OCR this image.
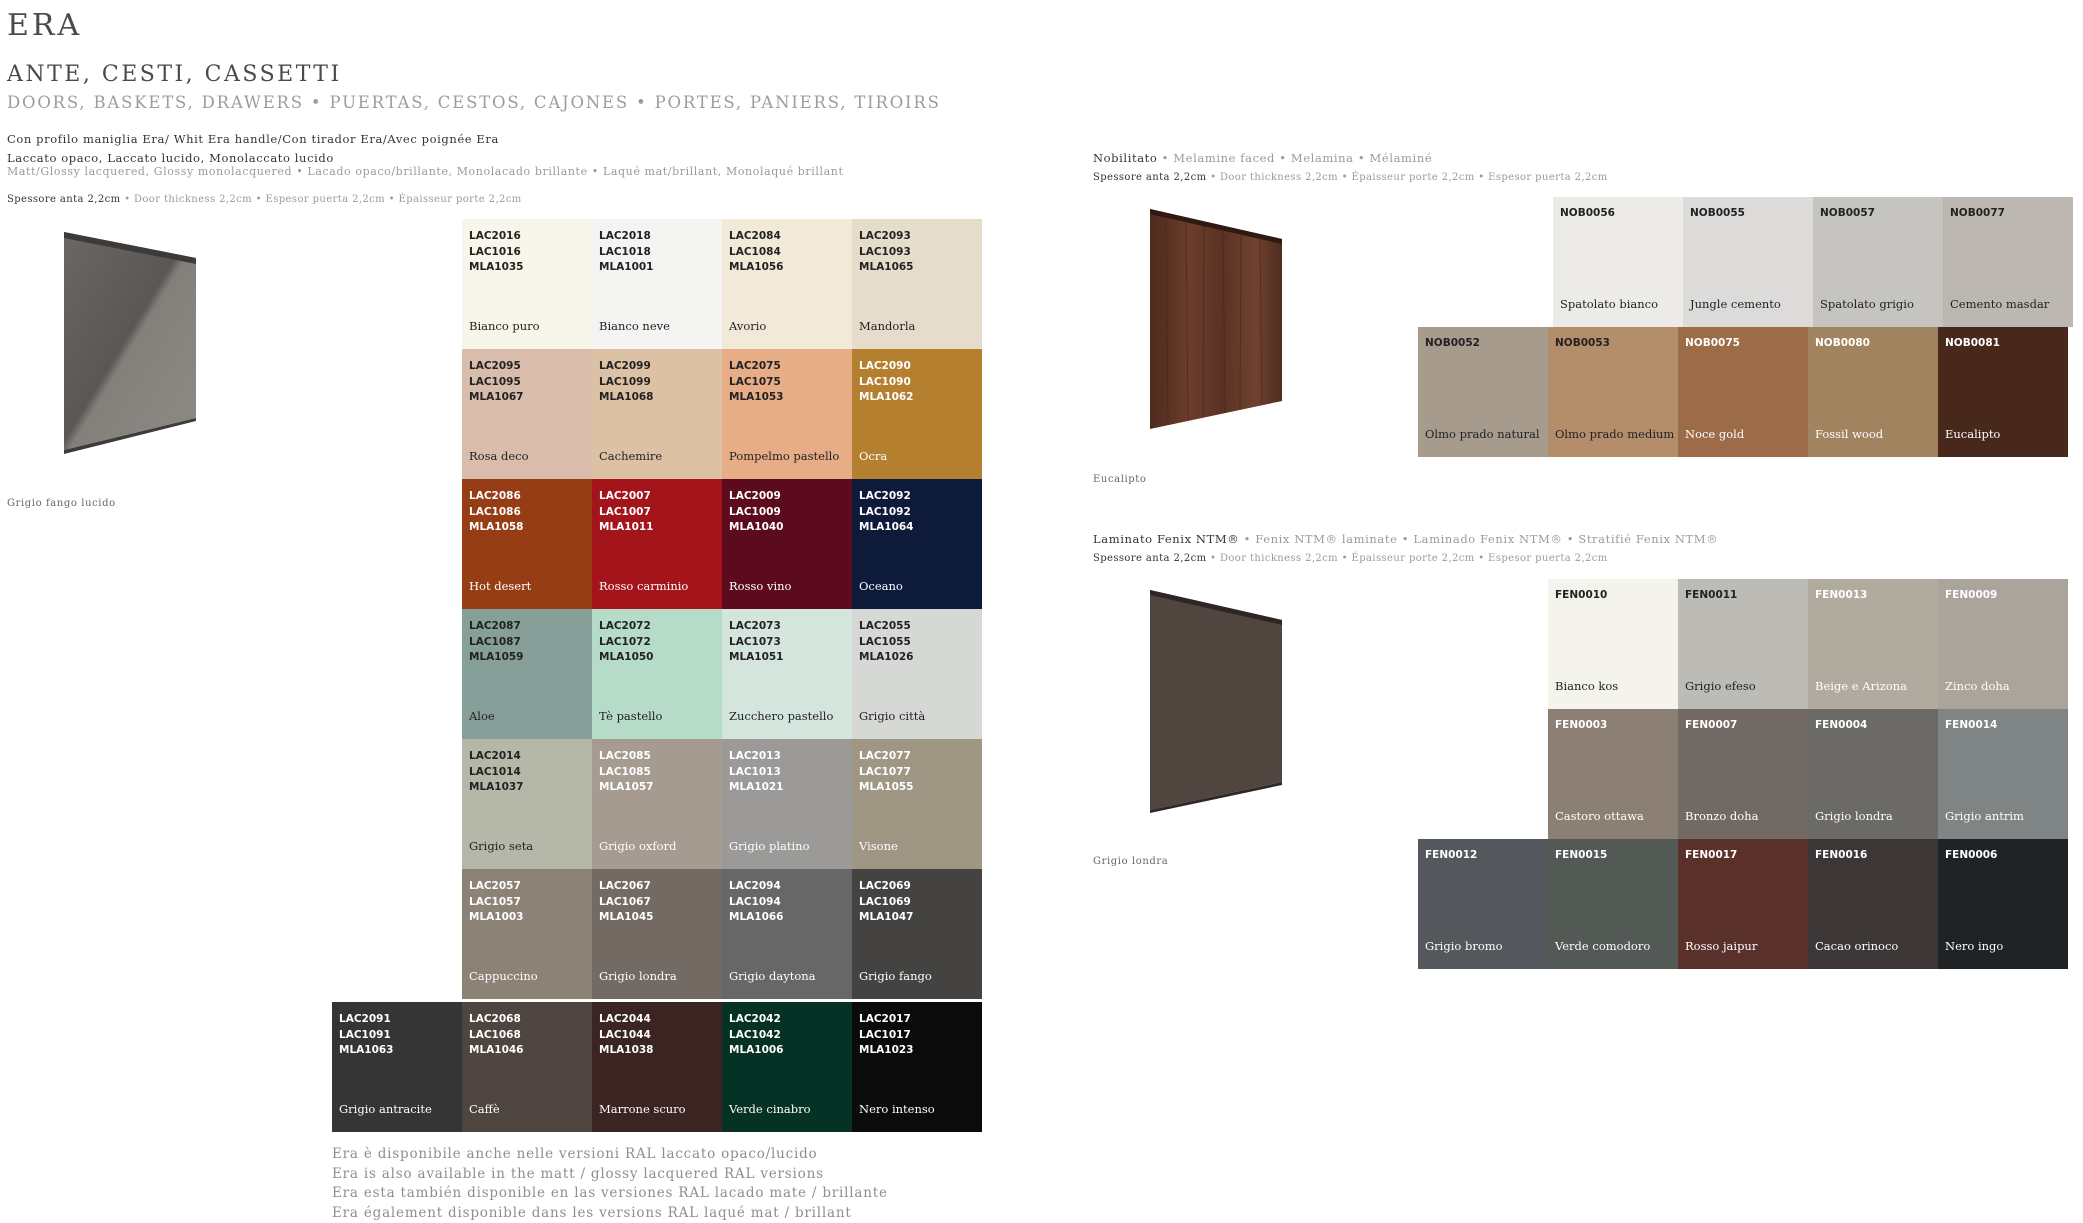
ERA
ANTE, CESTI, CASSETTI
DOORS, BASKETS, DRAWERS • PUERTAS, CESTOS, CAJONES • PORTES, PANIERS, TIROIRS
Con profilo maniglia Era/ Whit Era handle/Con tirador Era/Avec poignée Era
Laccato opaco, Laccato lucido, Monolaccato lucido
Matt/Glossy lacquered, Glossy monolacquered • Lacado opaco/brillante, Monolacado brillante • Laqué mat/brillant, Monolaqué brillant
Spessore anta 2,2cm • Door thickness 2,2cm • Espesor puerta 2,2cm • Épaisseur porte 2,2cm
Grigio fango lucido
LAC2016
LAC1016
MLA1035
Bianco puro
LAC2018
LAC1018
MLA1001
Bianco neve
LAC2084
LAC1084
MLA1056
Avorio
LAC2093
LAC1093
MLA1065
Mandorla
LAC2095
LAC1095
MLA1067
Rosa deco
LAC2099
LAC1099
MLA1068
Cachemire
LAC2075
LAC1075
MLA1053
Pompelmo pastello
LAC2090
LAC1090
MLA1062
Ocra
LAC2086
LAC1086
MLA1058
Hot desert
LAC2007
LAC1007
MLA1011
Rosso carminio
LAC2009
LAC1009
MLA1040
Rosso vino
LAC2092
LAC1092
MLA1064
Oceano
LAC2087
LAC1087
MLA1059
Aloe
LAC2072
LAC1072
MLA1050
Tè pastello
LAC2073
LAC1073
MLA1051
Zucchero pastello
LAC2055
LAC1055
MLA1026
Grigio città
LAC2014
LAC1014
MLA1037
Grigio seta
LAC2085
LAC1085
MLA1057
Grigio oxford
LAC2013
LAC1013
MLA1021
Grigio platino
LAC2077
LAC1077
MLA1055
Visone
LAC2057
LAC1057
MLA1003
Cappuccino
LAC2067
LAC1067
MLA1045
Grigio londra
LAC2094
LAC1094
MLA1066
Grigio daytona
LAC2069
LAC1069
MLA1047
Grigio fango
LAC2091
LAC1091
MLA1063
Grigio antracite
LAC2068
LAC1068
MLA1046
Caffè
LAC2044
LAC1044
MLA1038
Marrone scuro
LAC2042
LAC1042
MLA1006
Verde cinabro
LAC2017
LAC1017
MLA1023
Nero intenso
Era è disponibile anche nelle versioni RAL laccato opaco/lucido
Era is also available in the matt / glossy lacquered RAL versions
Era esta también disponible en las versiones RAL lacado mate / brillante
Era également disponible dans les versions RAL laqué mat / brillant
Nobilitato • Melamine faced • Melamina • Mélaminé
Spessore anta 2,2cm • Door thickness 2,2cm • Épaisseur porte 2,2cm • Espesor puerta 2,2cm
Eucalipto
NOB0056
Spatolato bianco
NOB0055
Jungle cemento
NOB0057
Spatolato grigio
NOB0077
Cemento masdar
NOB0052
Olmo prado natural
NOB0053
Olmo prado medium
NOB0075
Noce gold
NOB0080
Fossil wood
NOB0081
Eucalipto
Laminato Fenix NTM® • Fenix NTM® laminate • Laminado Fenix NTM® • Stratifié Fenix NTM®
Spessore anta 2,2cm • Door thickness 2,2cm • Épaisseur porte 2,2cm • Espesor puerta 2,2cm
Grigio londra
FEN0010
Bianco kos
FEN0011
Grigio efeso
FEN0013
Beige e Arizona
FEN0009
Zinco doha
FEN0003
Castoro ottawa
FEN0007
Bronzo doha
FEN0004
Grigio londra
FEN0014
Grigio antrim
FEN0012
Grigio bromo
FEN0015
Verde comodoro
FEN0017
Rosso jaipur
FEN0016
Cacao orinoco
FEN0006
Nero ingo
